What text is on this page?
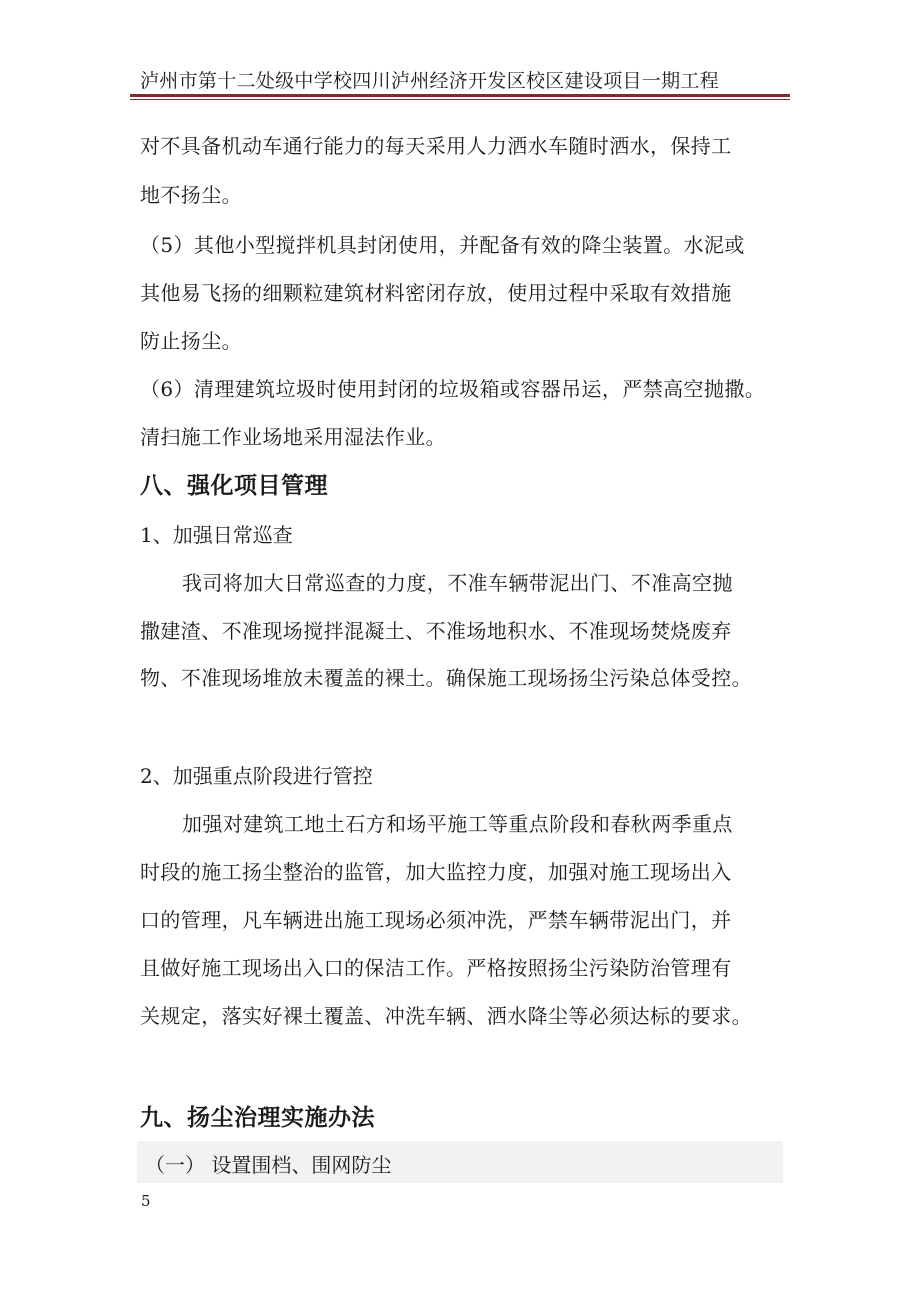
泸州市第十二处级中学校四川泸州经济开发区校区建设项目一期工程
对不具备机动车通行能力的每天采用人力洒水车随时洒水，保持工
地不扬尘。
（5）其他小型搅拌机具封闭使用，并配备有效的降尘装置。水泥或
其他易飞扬的细颗粒建筑材料密闭存放，使用过程中采取有效措施
防止扬尘。
（6）清理建筑垃圾时使用封闭的垃圾箱或容器吊运，严禁高空抛撒。
清扫施工作业场地采用湿法作业。
八、强化项目管理
1、加强日常巡查
我司将加大日常巡查的力度，不准车辆带泥出门、不准高空抛
撒建渣、不准现场搅拌混凝土、不准场地积水、不准现场焚烧废弃
物、不准现场堆放未覆盖的裸土。确保施工现场扬尘污染总体受控。
2、加强重点阶段进行管控
加强对建筑工地土石方和场平施工等重点阶段和春秋两季重点
时段的施工扬尘整治的监管，加大监控力度，加强对施工现场出入
口的管理，凡车辆进出施工现场必须冲洗，严禁车辆带泥出门，并
且做好施工现场出入口的保洁工作。严格按照扬尘污染防治管理有
关规定，落实好裸土覆盖、冲洗车辆、洒水降尘等必须达标的要求。
九、扬尘治理实施办法
（一） 设置围档、围网防尘
5
